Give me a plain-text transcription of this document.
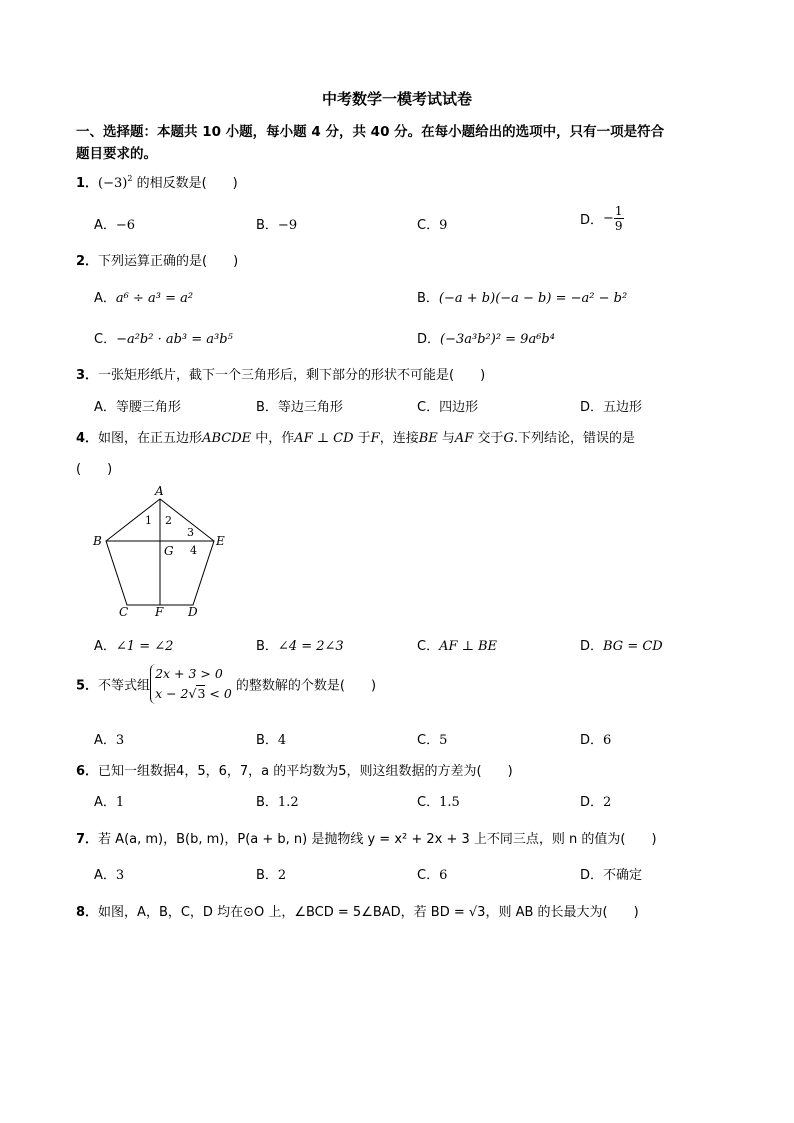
中考数学一模考试试卷
一、选择题：本题共 10 小题，每小题 4 分，共 40 分。在每小题给出的选项中，只有一项是符合
题目要求的。
1．$(-3)^2$ 的相反数是(　　)
A．−6	B．−9	C．9	D．− $\frac{1}{9}$
2．下列运算正确的是(　　)
A．a⁶ ÷ a³ = a²	B．(−a + b)(−a − b) = −a² − b²
C．−a²b² · ab³ = a³b⁵	D．(−3a³b²)² = 9a⁶b⁴
3．一张矩形纸片，截下一个三角形后，剩下部分的形状不可能是(　　)
A．等腰三角形	B．等边三角形	C．四边形	D．五边形
4．如图，在正五边形ABCDE 中，作AF ⊥ CD 于F，连接BE 与AF 交于G.下列结论，错误的是
(　　)
A
B
C	D
E
F
G
1 2
3
4
A．∠1 = ∠2	B．∠4 = 2∠3	C．AF ⊥ BE	D．BG = CD
5．不等式组
2x + 3 > 0
x − 2√3 < 0 的整数解的个数是(　　)
A．3	B．4	C．5	D．6
6．已知一组数据4，5，6，7，a 的平均数为5，则这组数据的方差为(　　)
A．1	B．1.2	C．1.5	D．2
7．若 A(a, m)，B(b, m)，P(a + b, n) 是抛物线 y = x² + 2x + 3 上不同三点，则 n 的值为(　　)
A．3	B．2	C．6	D．不确定
8．如图，A，B，C，D 均在⊙O 上，∠BCD = 5∠BAD，若 BD = √3，则 AB 的长最大为(　　)
